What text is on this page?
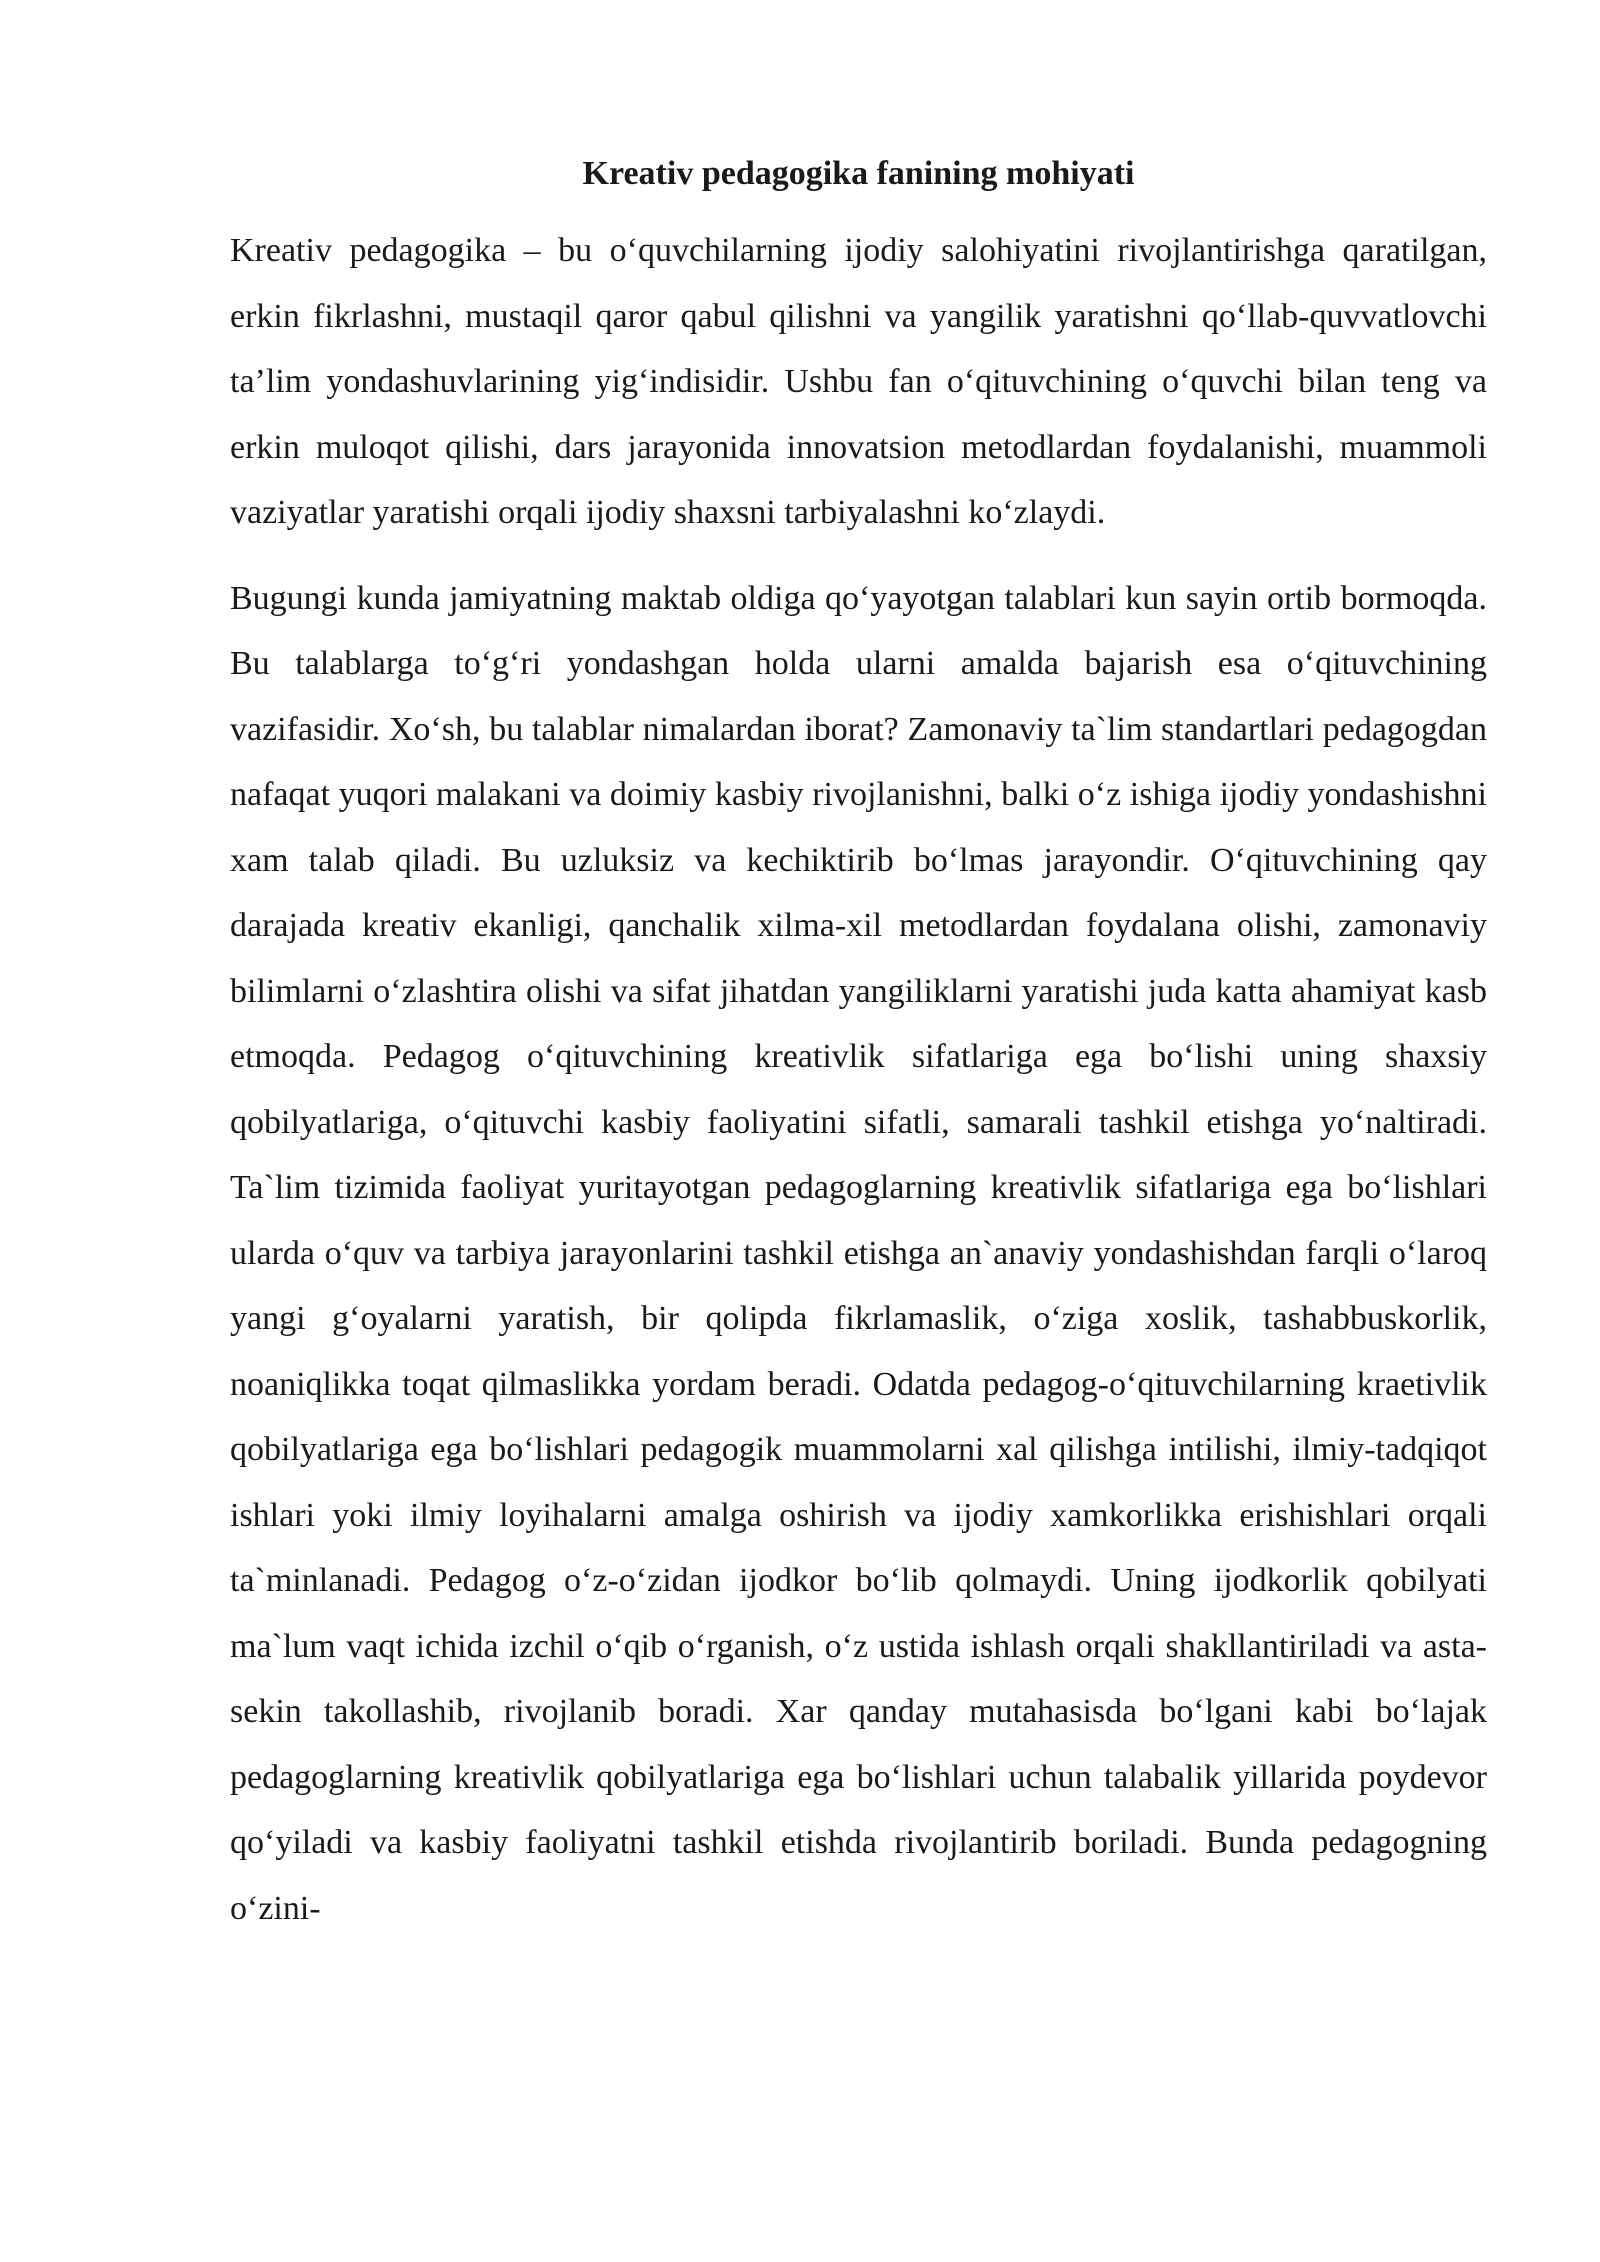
Kreativ pedagogika fanining mohiyati

Kreativ pedagogika – bu o‘quvchilarning ijodiy salohiyatini rivojlantirishga qaratilgan, erkin fikrlashni, mustaqil qaror qabul qilishni va yangilik yaratishni qo‘llab-quvvatlovchi ta’lim yondashuvlarining yig‘indisidir. Ushbu fan o‘qituvchining o‘quvchi bilan teng va erkin muloqot qilishi, dars jarayonida innovatsion metodlardan foydalanishi, muammoli vaziyatlar yaratishi orqali ijodiy shaxsni tarbiyalashni ko‘zlaydi.

Bugungi kunda jamiyatning maktab oldiga qo‘yayotgan talablari kun sayin ortib bormoqda. Bu talablarga to‘g‘ri yondashgan holda ularni amalda bajarish esa o‘qituvchining vazifasidir. Xo‘sh, bu talablar nimalardan iborat? Zamonaviy ta`lim standartlari pedagogdan nafaqat yuqori malakani va doimiy kasbiy rivojlanishni, balki o‘z ishiga ijodiy yondashishni xam talab qiladi. Bu uzluksiz va kechiktirib bo‘lmas jarayondir. O‘qituvchining qay darajada kreativ ekanligi, qanchalik xilma-xil metodlardan foydalana olishi, zamonaviy bilimlarni o‘zlashtira olishi va sifat jihatdan yangiliklarni yaratishi juda katta ahamiyat kasb etmoqda. Pedagog o‘qituvchining kreativlik sifatlariga ega bo‘lishi uning shaxsiy qobilyatlariga, o‘qituvchi kasbiy faoliyatini sifatli, samarali tashkil etishga yo‘naltiradi. Ta`lim tizimida faoliyat yuritayotgan pedagoglarning kreativlik sifatlariga ega bo‘lishlari ularda o‘quv va tarbiya jarayonlarini tashkil etishga an`anaviy yondashishdan farqli o‘laroq yangi g‘oyalarni yaratish, bir qolipda fikrlamaslik, o‘ziga xoslik, tashabbuskorlik, noaniqlikka toqat qilmaslikka yordam beradi. Odatda pedagog-o‘qituvchilarning kraetivlik qobilyatlariga ega bo‘lishlari pedagogik muammolarni xal qilishga intilishi, ilmiy-tadqiqot ishlari yoki ilmiy loyihalarni amalga oshirish va ijodiy xamkorlikka erishishlari orqali ta`minlanadi. Pedagog o‘z-o‘zidan ijodkor bo‘lib qolmaydi. Uning ijodkorlik qobilyati ma`lum vaqt ichida izchil o‘qib o‘rganish, o‘z ustida ishlash orqali shakllantiriladi va asta-sekin takollashib, rivojlanib boradi. Xar qanday mutahasisda bo‘lgani kabi bo‘lajak pedagoglarning kreativlik qobilyatlariga ega bo‘lishlari uchun talabalik yillarida poydevor qo‘yiladi va kasbiy faoliyatni tashkil etishda rivojlantirib boriladi. Bunda pedagogning o‘zini-
